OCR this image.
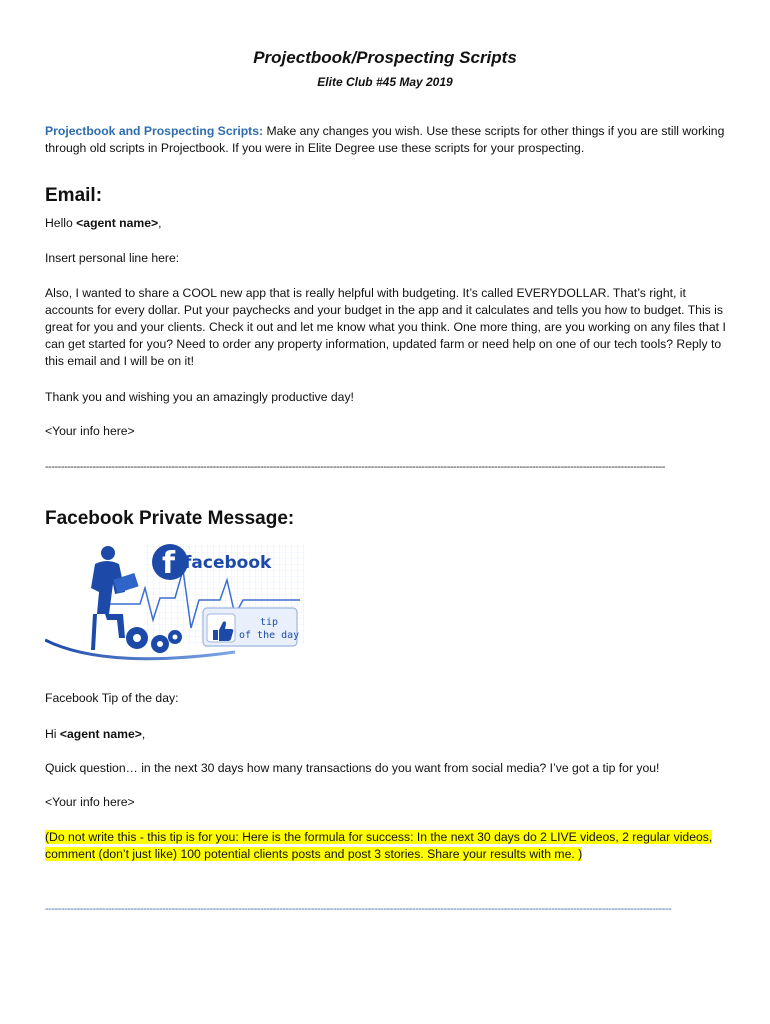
Projectbook/Prospecting Scripts
Elite Club #45 May 2019
Projectbook and Prospecting Scripts: Make any changes you wish. Use these scripts for other things if you are still working through old scripts in Projectbook. If you were in Elite Degree use these scripts for your prospecting.
Email:
Hello <agent name>,
Insert personal line here:
Also, I wanted to share a COOL new app that is really helpful with budgeting. It’s called EVERYDOLLAR. That’s right, it accounts for every dollar. Put your paychecks and your budget in the app and it calculates and tells you how to budget. This is great for you and your clients. Check it out and let me know what you think. One more thing, are you working on any files that I can get started for you? Need to order any property information, updated farm or need help on one of our tech tools? Reply to this email and I will be on it!
Thank you and wishing you an amazingly productive day!
<Your info here>
----------------------------------------------------------------------------------------------------------------------------------------------------------------------------------------------------
Facebook Private Message:
f facebook
tip
of the day
Facebook Tip of the day:
Hi <agent name>,
Quick question… in the next 30 days how many transactions do you want from social media? I’ve got a tip for you!
<Your info here>
(Do not write this - this tip is for you: Here is the formula for success: In the next 30 days do 2 LIVE videos, 2 regular videos, comment (don’t just like) 100 potential clients posts and post 3 stories. Share your results with me. )
------------------------------------------------------------------------------------------------------------------------------------------------------------------------------------------------------
